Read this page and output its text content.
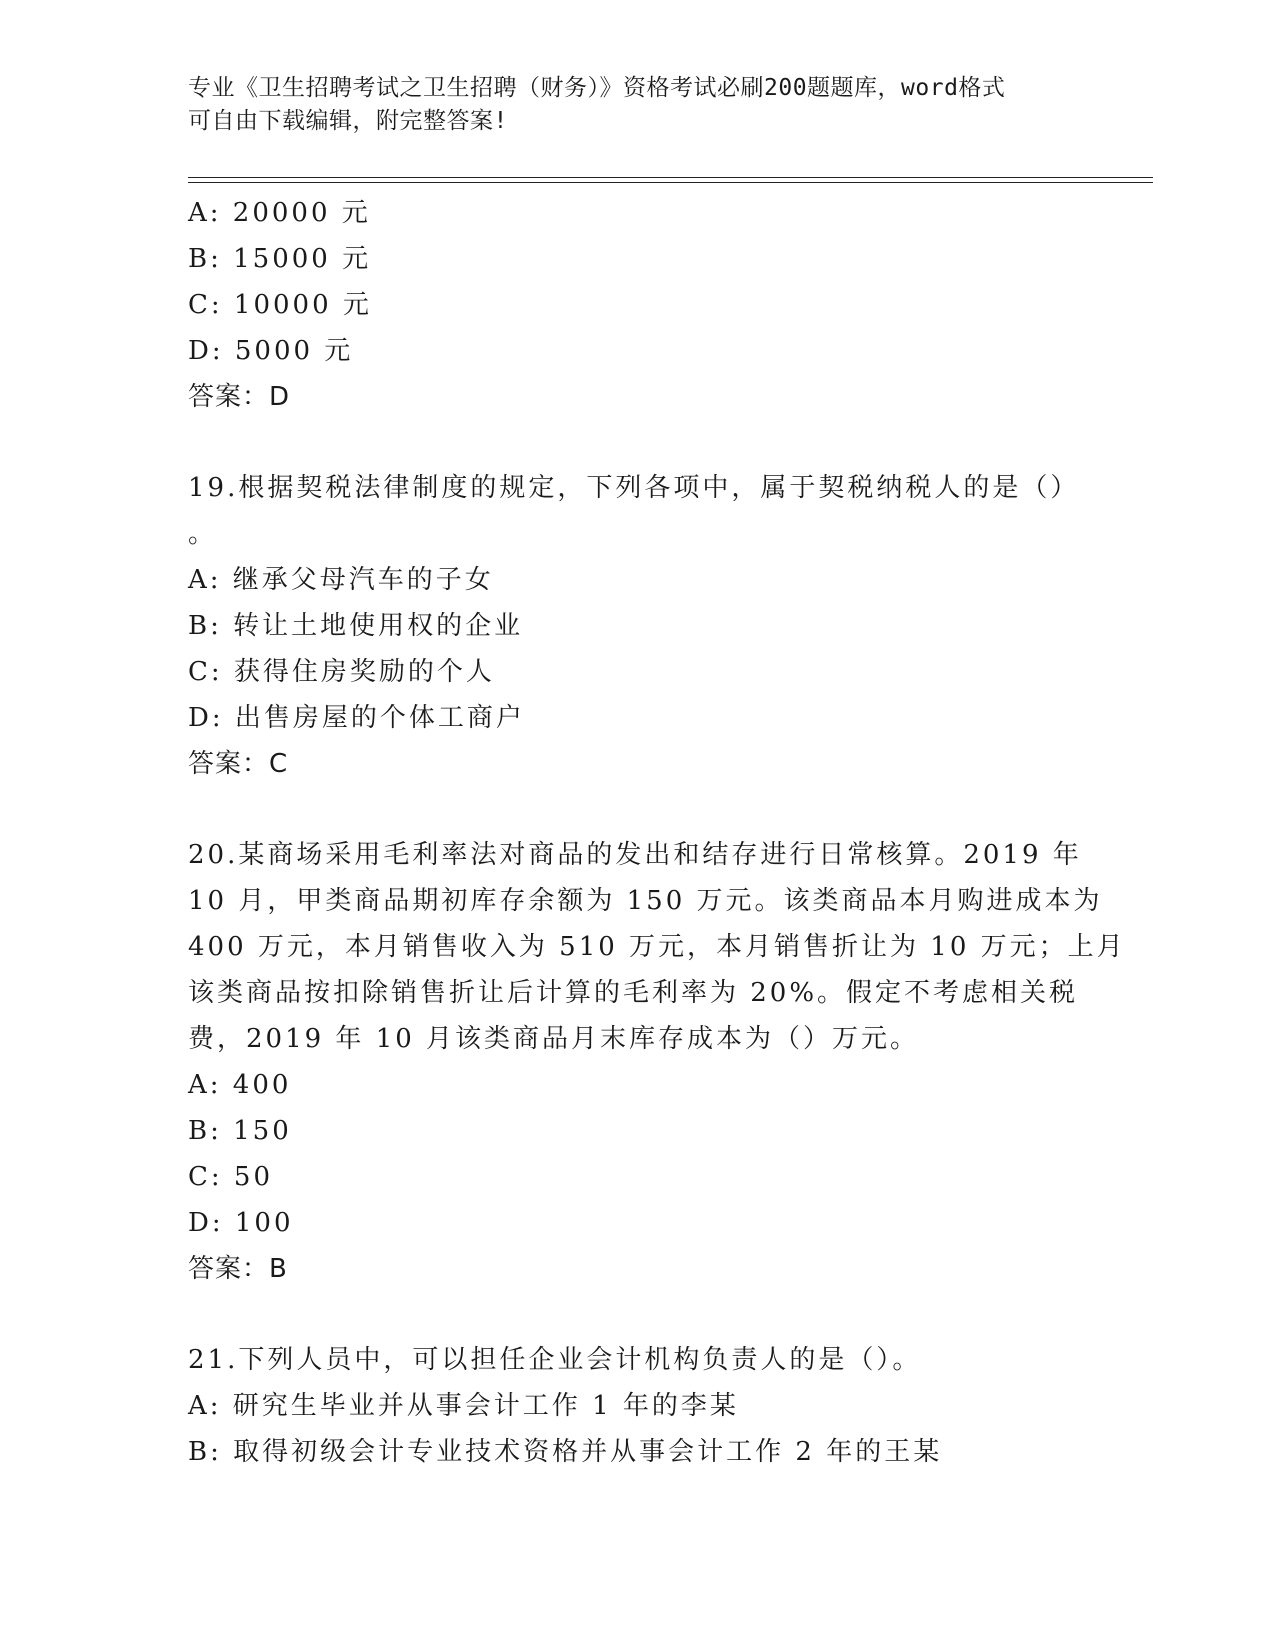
专业《卫生招聘考试之卫生招聘（财务）》资格考试必刷200题题库，word格式
可自由下载编辑，附完整答案!
A: 20000 元
B: 15000 元
C: 10000 元
D: 5000 元
答案：D
19.根据契税法律制度的规定，下列各项中，属于契税纳税人的是（）
。
A: 继承父母汽车的子女
B: 转让土地使用权的企业
C: 获得住房奖励的个人
D: 出售房屋的个体工商户
答案：C
20.某商场采用毛利率法对商品的发出和结存进行日常核算。2019 年
10 月，甲类商品期初库存余额为 150 万元。该类商品本月购进成本为
400 万元，本月销售收入为 510 万元，本月销售折让为 10 万元；上月
该类商品按扣除销售折让后计算的毛利率为 20%。假定不考虑相关税
费，2019 年 10 月该类商品月末库存成本为（）万元。
A: 400
B: 150
C: 50
D: 100
答案：B
21.下列人员中，可以担任企业会计机构负责人的是（）。
A: 研究生毕业并从事会计工作 1 年的李某
B: 取得初级会计专业技术资格并从事会计工作 2 年的王某
